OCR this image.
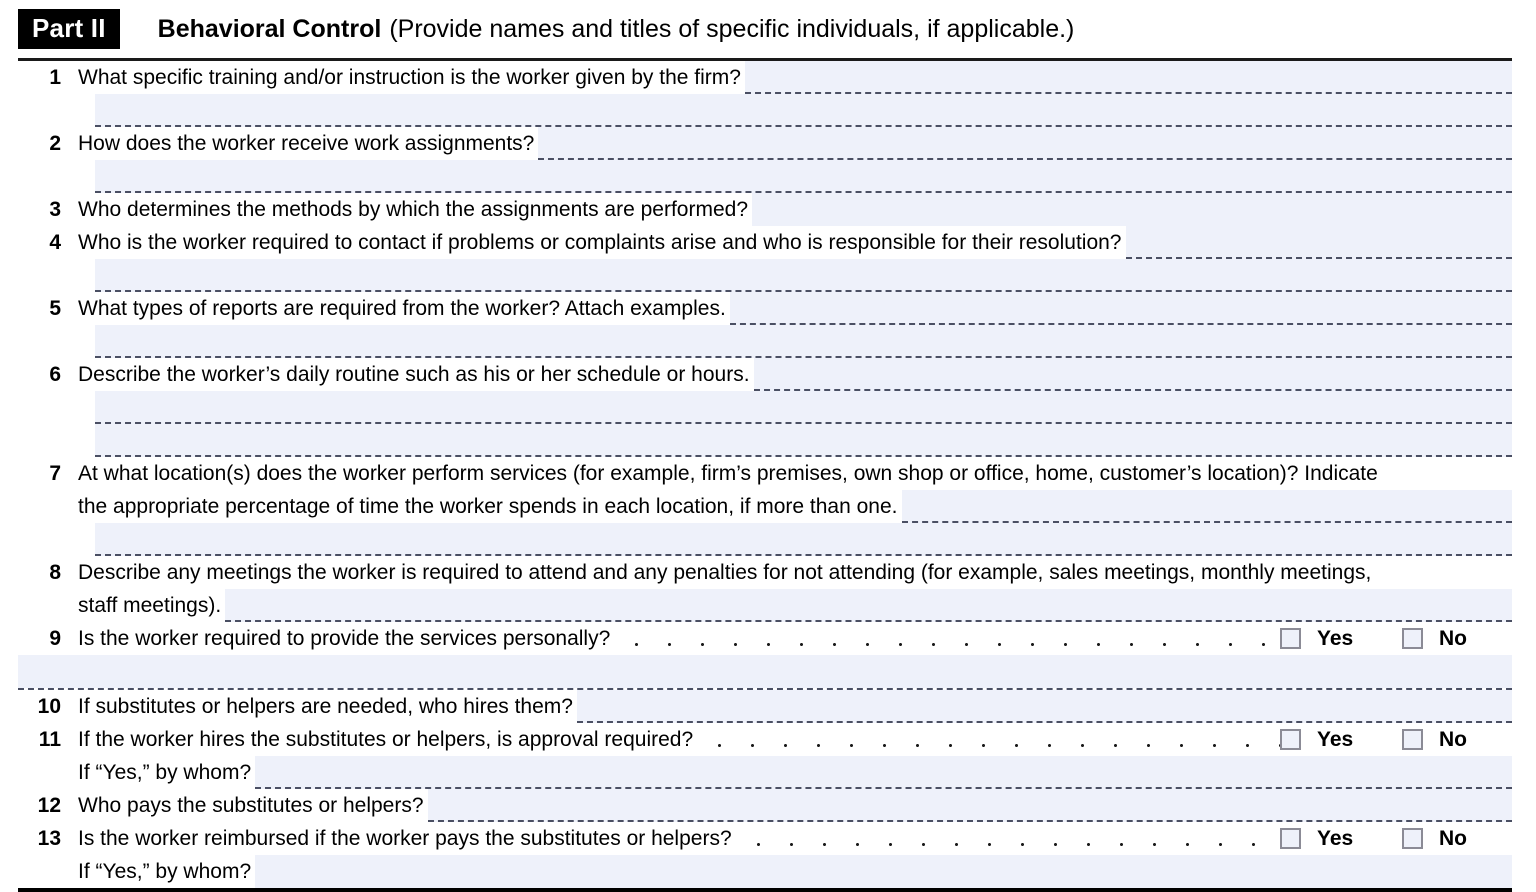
Part II	Behavioral Control (Provide names and titles of specific individuals, if applicable.)
1 What specific training and/or instruction is the worker given by the firm?
2 How does the worker receive work assignments?
3 Who determines the methods by which the assignments are performed?
4 Who is the worker required to contact if problems or complaints arise and who is responsible for their resolution?
5 What types of reports are required from the worker? Attach examples.
6 Describe the worker’s daily routine such as his or her schedule or hours.
7 At what location(s) does the worker perform services (for example, firm’s premises, own shop or office, home, customer’s location)? Indicate
the appropriate percentage of time the worker spends in each location, if more than one.
8 Describe any meetings the worker is required to attend and any penalties for not attending (for example, sales meetings, monthly meetings,
staff meetings).
9 Is the worker required to provide the services personally?	Yes	No
10 If substitutes or helpers are needed, who hires them?
11 If the worker hires the substitutes or helpers, is approval required?	Yes	No
If “Yes,” by whom?
12 Who pays the substitutes or helpers?
13 Is the worker reimbursed if the worker pays the substitutes or helpers?	Yes	No
If “Yes,” by whom?
